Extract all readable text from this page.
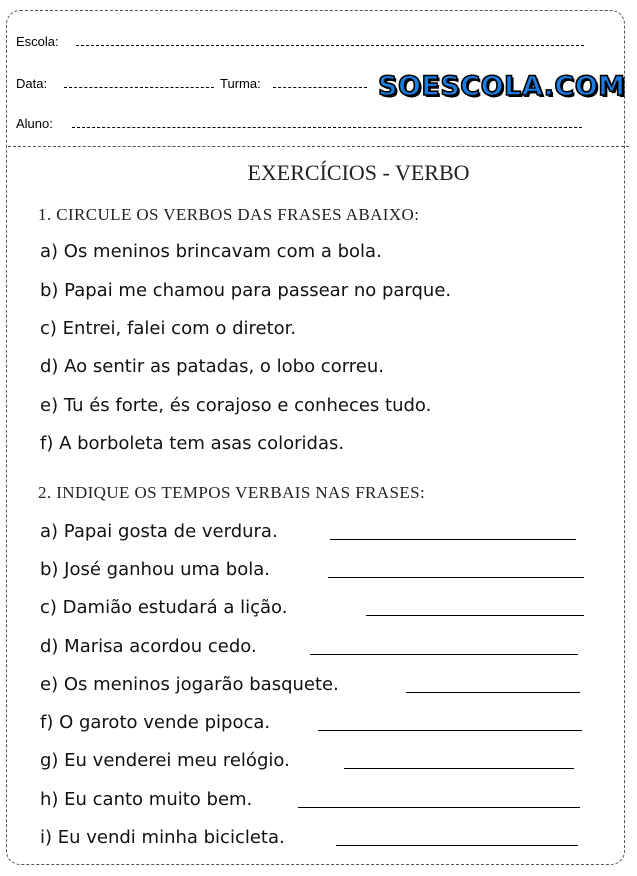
Escola:
Data:	Turma:	SOESCOLA.COM
Aluno:
EXERCÍCIOS - VERBO
1. CIRCULE OS VERBOS DAS FRASES ABAIXO:
a) Os meninos brincavam com a bola.
b) Papai me chamou para passear no parque.
c) Entrei, falei com o diretor.
d) Ao sentir as patadas, o lobo correu.
e) Tu és forte, és corajoso e conheces tudo.
f) A borboleta tem asas coloridas.
2. INDIQUE OS TEMPOS VERBAIS NAS FRASES:
a) Papai gosta de verdura.
b) José ganhou uma bola.
c) Damião estudará a lição.
d) Marisa acordou cedo.
e) Os meninos jogarão basquete.
f) O garoto vende pipoca.
g) Eu venderei meu relógio.
h) Eu canto muito bem.
i) Eu vendi minha bicicleta.
